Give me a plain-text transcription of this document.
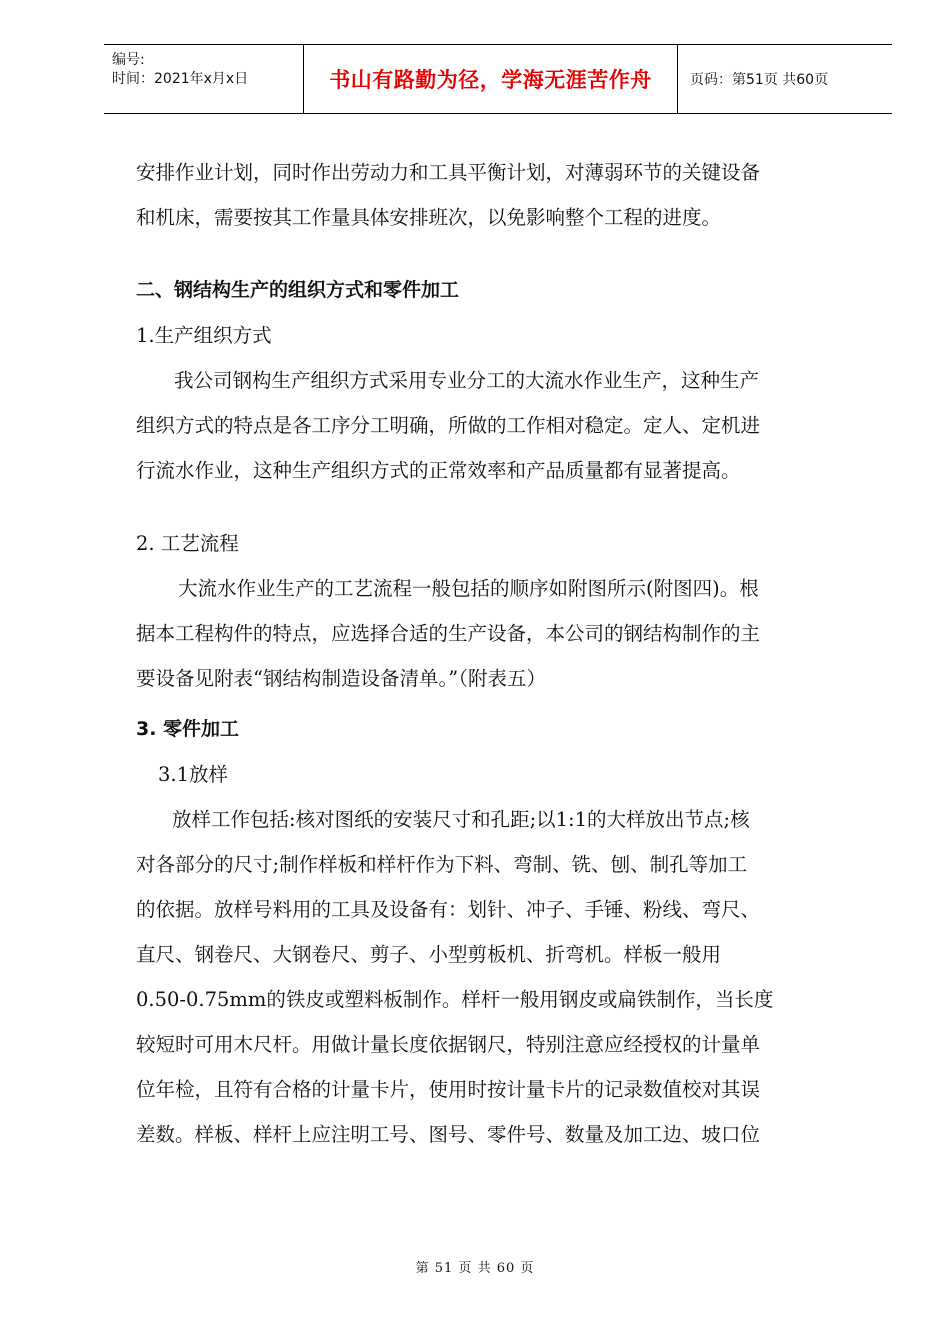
编号:
时间：2021年x月x日	书山有路勤为径，学海无涯苦作舟	页码：第51页 共60页
安排作业计划，同时作出劳动力和工具平衡计划，对薄弱环节的关键设备
和机床，需要按其工作量具体安排班次，以免影响整个工程的进度。
二、钢结构生产的组织方式和零件加工
1.生产组织方式
我公司钢构生产组织方式采用专业分工的大流水作业生产，这种生产
组织方式的特点是各工序分工明确，所做的工作相对稳定。定人、定机进
行流水作业，这种生产组织方式的正常效率和产品质量都有显著提高。
2. 工艺流程
大流水作业生产的工艺流程一般包括的顺序如附图所示(附图四)。根
据本工程构件的特点，应选择合适的生产设备，本公司的钢结构制作的主
要设备见附表“钢结构制造设备清单。”（附表五）
3. 零件加工
3.1放样
放样工作包括:核对图纸的安装尺寸和孔距;以1:1的大样放出节点;核
对各部分的尺寸;制作样板和样杆作为下料、弯制、铣、刨、制孔等加工
的依据。放样号料用的工具及设备有：划针、冲子、手锤、粉线、弯尺、
直尺、钢卷尺、大钢卷尺、剪子、小型剪板机、折弯机。样板一般用
0.50-0.75mm的铁皮或塑料板制作。样杆一般用钢皮或扁铁制作，当长度
较短时可用木尺杆。用做计量长度依据钢尺，特别注意应经授权的计量单
位年检，且符有合格的计量卡片，使用时按计量卡片的记录数值校对其误
差数。样板、样杆上应注明工号、图号、零件号、数量及加工边、坡口位
第 51 页 共 60 页
